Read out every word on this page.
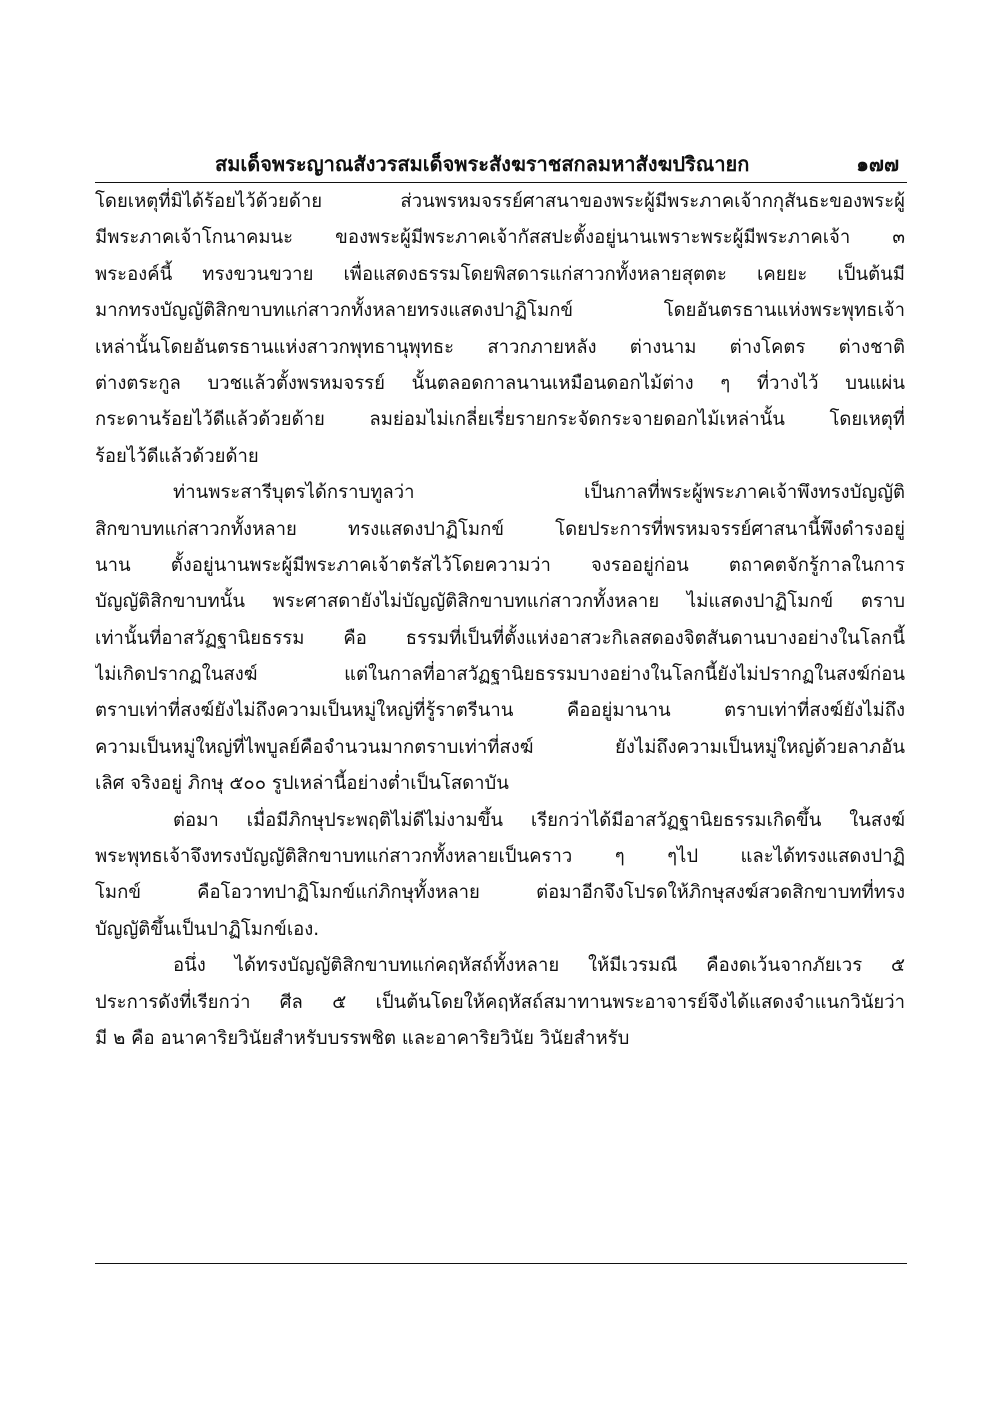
สมเด็จพระญาณสังวรสมเด็จพระสังฆราชสกลมหาสังฆปริณายก	๑๗๗
โดยเหตุที่มิได้ร้อยไว้ด้วยด้าย ส่วนพรหมจรรย์ศาสนาของพระผู้มีพระภาคเจ้ากกุสันธะของพระผู้
มีพระภาคเจ้าโกนาคมนะ ของพระผู้มีพระภาคเจ้ากัสสปะตั้งอยู่นานเพราะพระผู้มีพระภาคเจ้า ๓
พระองค์นี้ ทรงขวนขวาย เพื่อแสดงธรรมโดยพิสดารแก่สาวกทั้งหลายสุตตะ เคยยะ เป็นต้นมี
มากทรงบัญญัติสิกขาบทแก่สาวกทั้งหลายทรงแสดงปาฏิโมกข์ โดยอันตรธานแห่งพระพุทธเจ้า
เหล่านั้นโดยอันตรธานแห่งสาวกพุทธานุพุทธะ สาวกภายหลัง ต่างนาม ต่างโคตร ต่างชาติ
ต่างตระกูล บวชแล้วตั้งพรหมจรรย์ นั้นตลอดกาลนานเหมือนดอกไม้ต่าง ๆ ที่วางไว้ บนแผ่น
กระดานร้อยไว้ดีแล้วด้วยด้าย ลมย่อมไม่เกลี่ยเรี่ยรายกระจัดกระจายดอกไม้เหล่านั้น โดยเหตุที่
ร้อยไว้ดีแล้วด้วยด้าย
ท่านพระสารีบุตรได้กราบทูลว่า เป็นกาลที่พระผู้พระภาคเจ้าพึงทรงบัญญัติ
สิกขาบทแก่สาวกทั้งหลาย ทรงแสดงปาฏิโมกข์ โดยประการที่พรหมจรรย์ศาสนานี้พึงดำรงอยู่
นาน ตั้งอยู่นานพระผู้มีพระภาคเจ้าตรัสไว้โดยความว่า จงรออยู่ก่อน ตถาคตจักรู้กาลในการ
บัญญัติสิกขาบทนั้น พระศาสดายังไม่บัญญัติสิกขาบทแก่สาวกทั้งหลาย ไม่แสดงปาฏิโมกข์ ตราบ
เท่านั้นที่อาสวัฏฐานิยธรรม คือ ธรรมที่เป็นที่ตั้งแห่งอาสวะกิเลสดองจิตสันดานบางอย่างในโลกนี้
ไม่เกิดปรากฏในสงฆ์ แต่ในกาลที่อาสวัฏฐานิยธรรมบางอย่างในโลกนี้ยังไม่ปรากฏในสงฆ์ก่อน
ตราบเท่าที่สงฆ์ยังไม่ถึงความเป็นหมู่ใหญ่ที่รู้ราตรีนาน คืออยู่มานาน ตราบเท่าที่สงฆ์ยังไม่ถึง
ความเป็นหมู่ใหญ่ที่ไพบูลย์คือจำนวนมากตราบเท่าที่สงฆ์ ยังไม่ถึงความเป็นหมู่ใหญ่ด้วยลาภอัน
เลิศ จริงอยู่ ภิกษุ ๕๐๐ รูปเหล่านี้อย่างต่ำเป็นโสดาบัน
ต่อมา เมื่อมีภิกษุประพฤติไม่ดีไม่งามขึ้น เรียกว่าได้มีอาสวัฏฐานิยธรรมเกิดขึ้น ในสงฆ์
พระพุทธเจ้าจึงทรงบัญญัติสิกขาบทแก่สาวกทั้งหลายเป็นคราว ๆ ๆไป และได้ทรงแสดงปาฏิ
โมกข์ คือโอวาทปาฏิโมกข์แก่ภิกษุทั้งหลาย ต่อมาอีกจึงโปรดให้ภิกษุสงฆ์สวดสิกขาบทที่ทรง
บัญญัติขึ้นเป็นปาฏิโมกข์เอง.
อนึ่ง ได้ทรงบัญญัติสิกขาบทแก่คฤหัสถ์ทั้งหลาย ให้มีเวรมณี คืองดเว้นจากภัยเวร ๕
ประการดังที่เรียกว่า ศีล ๕ เป็นต้นโดยให้คฤหัสถ์สมาทานพระอาจารย์จึงได้แสดงจำแนกวินัยว่า
มี ๒ คือ อนาคาริยวินัยสำหรับบรรพชิต และอาคาริยวินัย วินัยสำหรับ
